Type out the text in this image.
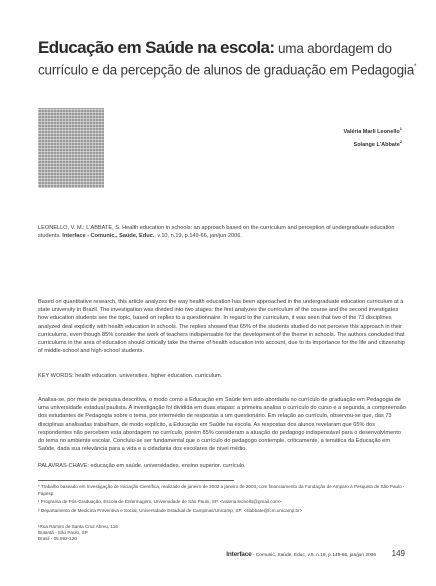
Educação em Saúde na escola: uma abordagem do currículo e da percepção de alunos de graduação em Pedagogia*
Valéria Marli Leonello$^1$
Solange L'Abbate$^2$
LEONELLO, V. M.; L'ABBATE, S. Health education in schools: an approach based on the curriculum and perception of undergraduate education students. Interface - Comunic., Saúde, Educ., v.10, n.19, p.149-66, jan/jun 2006.
Based on quantitative research, this article analyzes the way health education has been approached in the undergraduate education curriculum at a state university in Brazil. The investigation was divided into two stages: the first analyzes the curriculum of the course and the second investigates how education students see the topic, based on replies to a questionnaire. In regard to the curriculum, it was seen that two of the 73 disciplines analyzed deal explicitly with health education in schools. The replies showed that 65% of the students studied do not perceive this approach in their curriculums, even though 85% consider the work of teachers indispensable for the development of the theme in schools. The authors concluded that curriculums in the area of education should critically take the theme of health education into account, due to its importance for the life and citizenship of middle-school and high-school students.
KEY WORDS: health education. universities. higher education. curriculum.
Analisa-se, por meio de pesquisa descritiva, o modo como a Educação em Saúde tem sido abordada no currículo de graduação em Pedagogia de uma universidade estadual paulista. A investigação foi dividida em duas etapas: a primeira analisa o currículo do curso e a segunda, a compreensão dos estudantes de Pedagogia sobre o tema, por intermédio de respostas a um questionário. Em relação ao currículo, observou-se que, das 73 disciplinas analisadas trabalham, de modo explícito, a Educação em Saúde na escola. As respostas dos alunos revelaram que 65% dos respondentes não percebem esta abordagem no currículo, porém 85% consideram a atuação do pedagogo indispensável para o desenvolvimento do tema no ambiente escolar. Concluiu-se ser fundamental que o currículo do pedagogo contemple, criticamente, a temática da Educação em Saúde, dada sua relevância para a vida e a cidadania dos escolares de nível médio.
PALAVRAS-CHAVE: educação em saúde. universidades. ensino superior. currículo.
* Trabalho baseado em Investigação de Iniciação Científica, realizado de janeiro de 2002 a janeiro de 2003, com financiamento da Fundação de Amparo à Pesquisa de São Paulo - Fapesp.
¹ Programa de Pós-Graduação, Escola de Enfermagem, Universidade de São Paulo, SP. <valeria.leonello@gmail.com>
² Departamento de Medicina Preventiva e Social, Universidade Estadual de Campinas/Unicamp, SP. <slabbate@fcm.unicamp.br>
¹Rua Ramiro de Santa Cruz Abreu, 116
Butantã - São Paulo, SP
Brasil - 05.592-120
Interface - Comunic, Saúde, Educ, v.9, n.18, p.149-66, jan/jun 2006 149
